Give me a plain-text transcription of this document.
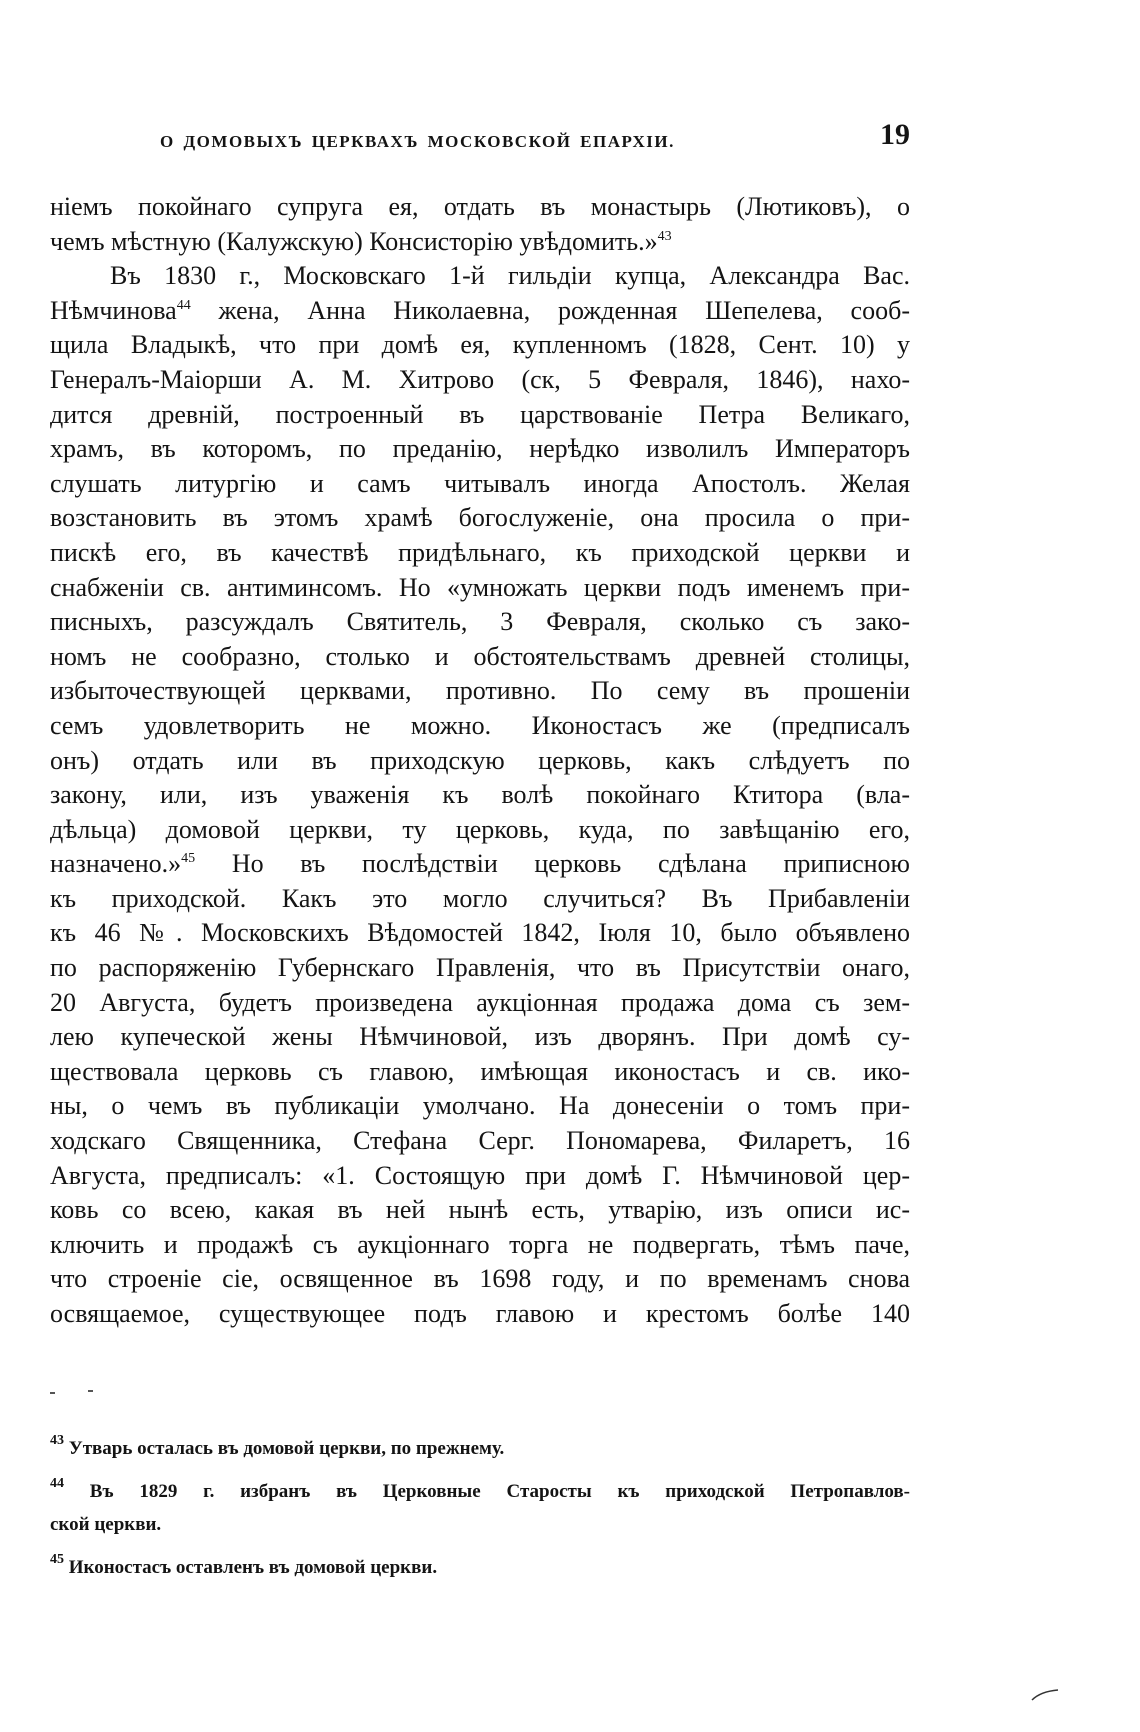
О ДОМОВЫХЪ ЦЕРКВАХЪ МОСКОВСКОЙ ЕПАРХІИ.	19
ніемъ покойнаго супруга ея, отдать въ монастырь (Лютиковъ), о
чемъ мѣстную (Калужскую) Консисторію увѣдомить.»$^{43}$
Въ 1830 г., Московскаго 1-й гильдіи купца, Александра Вас.
Нѣмчинова$^{44}$ жена, Анна Николаевна, рожденная Шепелева, сооб-
щила Владыкѣ, что при домѣ ея, купленномъ (1828, Сент. 10) у
Генералъ-Маіорши А. М. Хитрово (ск, 5 Февраля, 1846), нахо-
дится древній, построенный въ царствованіе Петра Великаго,
храмъ, въ которомъ, по преданію, нерѣдко изволилъ Императоръ
слушать литургію и самъ читывалъ иногда Апостолъ. Желая
возстановить въ этомъ храмѣ богослуженіе, она просила о при-
пискѣ его, въ качествѣ придѣльнаго, къ приходской церкви и
снабженіи св. антиминсомъ. Но «умножать церкви подъ именемъ при-
писныхъ, разсуждалъ Святитель, 3 Февраля, сколько съ зако-
номъ не сообразно, столько и обстоятельствамъ древней столицы,
избыточествующей церквами, противно. По сему въ прошеніи
семъ удовлетворить не можно. Иконостасъ же (предписалъ
онъ) отдать или въ приходскую церковь, какъ слѣдуетъ по
закону, или, изъ уваженія къ волѣ покойнаго Ктитора (вла-
дѣльца) домовой церкви, ту церковь, куда, по завѣщанію его,
назначено.»$^{45}$ Но въ послѣдствіи церковь сдѣлана приписною
къ приходской. Какъ это могло случиться? Въ Прибавленіи
къ 46 №. Московскихъ Вѣдомостей 1842, Іюля 10, было объявлено
по распоряженію Губернскаго Правленія, что въ Присутствіи онаго,
20 Августа, будетъ произведена аукціонная продажа дома съ зем-
лею купеческой жены Нѣмчиновой, изъ дворянъ. При домѣ су-
ществовала церковь съ главою, имѣющая иконостасъ и св. ико-
ны, о чемъ въ публикаціи умолчано. На донесеніи о томъ при-
ходскаго Священника, Стефана Серг. Пономарева, Филаретъ, 16
Августа, предписалъ: «1. Состоящую при домѣ Г. Нѣмчиновой цер-
ковь со всею, какая въ ней нынѣ есть, утварію, изъ описи ис-
ключить и продажѣ съ аукціоннаго торга не подвергать, тѣмъ паче,
что строеніе сіе, освященное въ 1698 году, и по временамъ снова
освящаемое, существующее подъ главою и крестомъ болѣе 140
$^{43}$ Утварь осталась въ домовой церкви, по прежнему.
$^{44}$ Въ 1829 г. избранъ въ Церковные Старосты къ приходской Петропавлов-
ской церкви.
$^{45}$ Иконостасъ оставленъ въ домовой церкви.
